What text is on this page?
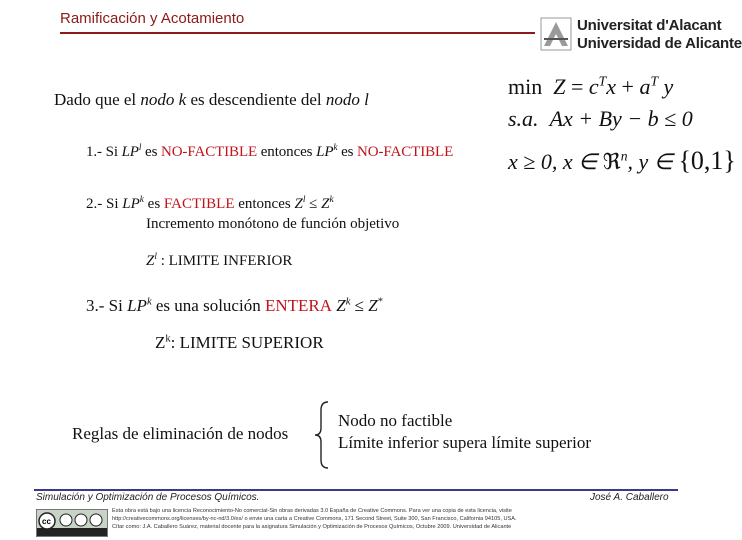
Ramificación y Acotamiento	Universitat d'Alacant
Universidad de Alicante
$\min Z = c^Tx + a^T$ y
s.a. Ax + By − b ≤ 0
x ≥ 0, x ∈ ℜ$^n$, y ∈ {0,1}
Dado que el nodo k es descendiente del nodo l
1.- Si $LP^l$ es NO-FACTIBLE entonces $LP^k$ es NO-FACTIBLE
2.- Si $LP^k$ es FACTIBLE entonces $Z^l \le Z^k$
Incremento monótono de función objetivo
$Z^l$ : LIMITE INFERIOR
3.- Si $LP^k$ es una solución ENTERA $Z^k \le Z^*$
$Z^k$: LIMITE SUPERIOR
Reglas de eliminación de nodos
Nodo no factible
Límite inferior supera límite superior
Simulación y Optimización de Procesos Químicos.	José A. Caballero
cc
Esta obra está bajo una licencia Reconocimiento-No comercial-Sin obras derivadas 3.0 España de Creative Commons. Para ver una copia de esta licencia, visite
http://creativecommons.org/licenses/by-nc-nd/3.0/es/ o envie una carta a Creative Commons, 171 Second Street, Suite 300, San Francisco, California 94105, USA.
Cítar como: J.A. Caballero Suárez, material docente para la asignatura Simulación y Optimización de Procesos Químicos, Octubre 2009. Universidad de Alicante
